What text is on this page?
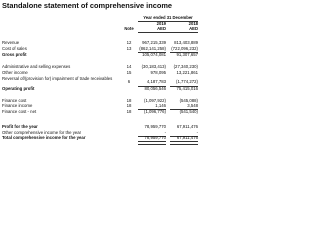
Standalone statement of comprehensive income
Year ended 31 December
Note
2019	2018
AED	AED
Revenue	12	967,215,339	813,403,889
Cost of sales	13	(862,141,258) (722,096,232)
Gross profit	105,074,081	91,307,657
Administrative and selling expenses	14	(30,183,413)	(27,340,230)
Other income	15	978,095	13,221,861
Reversal of/(provision for) impairment of trade receivables
6	4,187,783	(1,774,272)
Operating profit	80,056,546	75,415,016
Finance cost	18	(1,097,922)	(545,088)
Finance income	18	1,146	3,548
Finance cost - net	18	(1,096,776)	(541,540)
Profit for the year	78,959,770	67,911,476
Other comprehensive income for the year	-	-
Total comprehensive income for the year	78,959,770	67,911,476
